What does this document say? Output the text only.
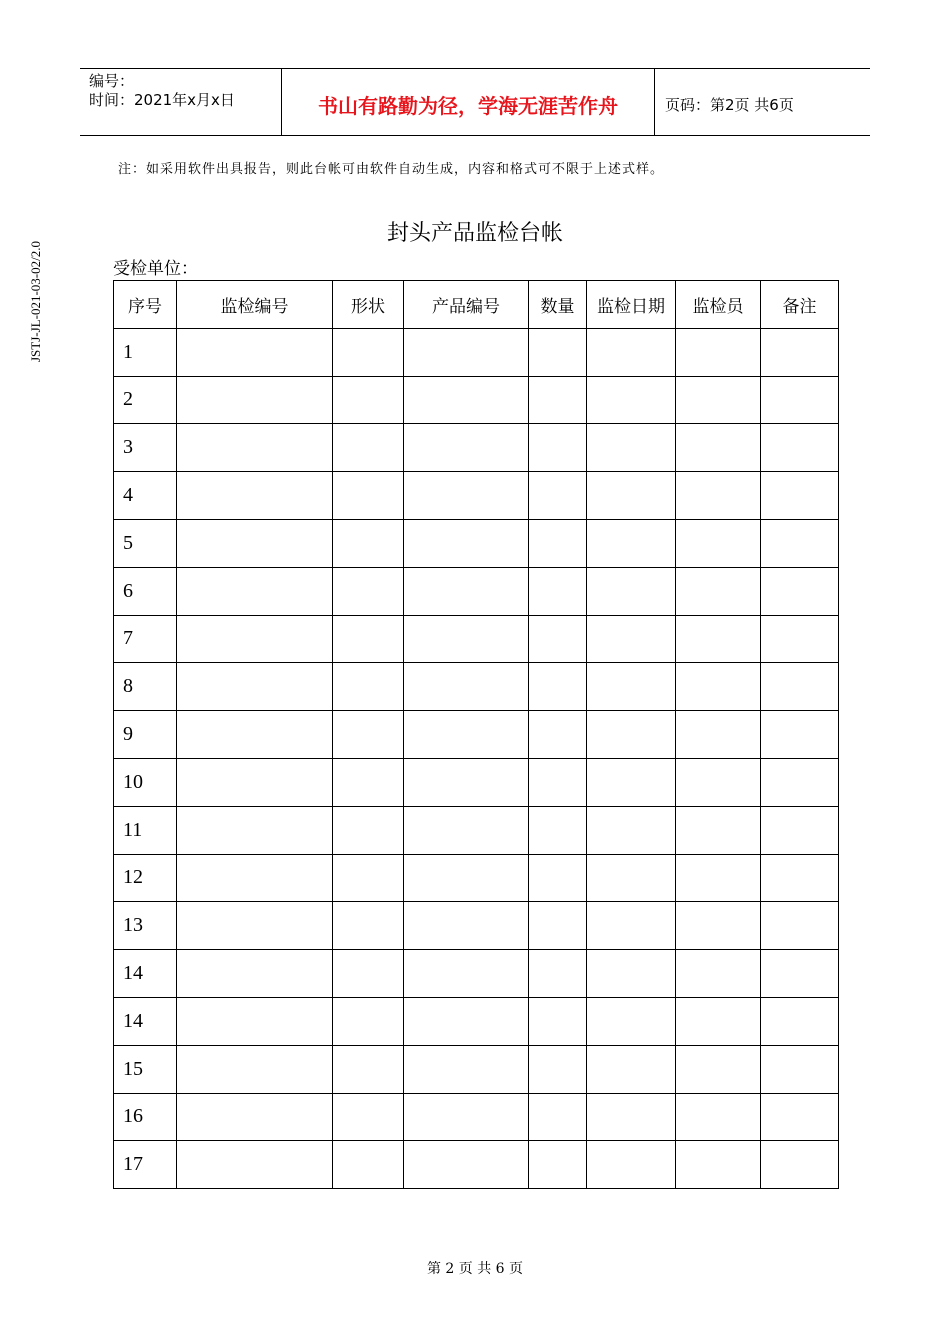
编号：
时间：2021年x月x日	书山有路勤为径，学海无涯苦作舟	页码：第2页 共6页
注：如采用软件出具报告，则此台帐可由软件自动生成，内容和格式可不限于上述式样。
JSTJ-JL-021-03-02/2.0
封头产品监检台帐
受检单位：
序号	监检编号	形状	产品编号	数量	监检日期	监检员	备注
1							
2							
3							
4							
5							
6							
7							
8							
9							
10							
11							
12							
13							
14							
14							
15							
16							
17							
第 2 页 共 6 页
